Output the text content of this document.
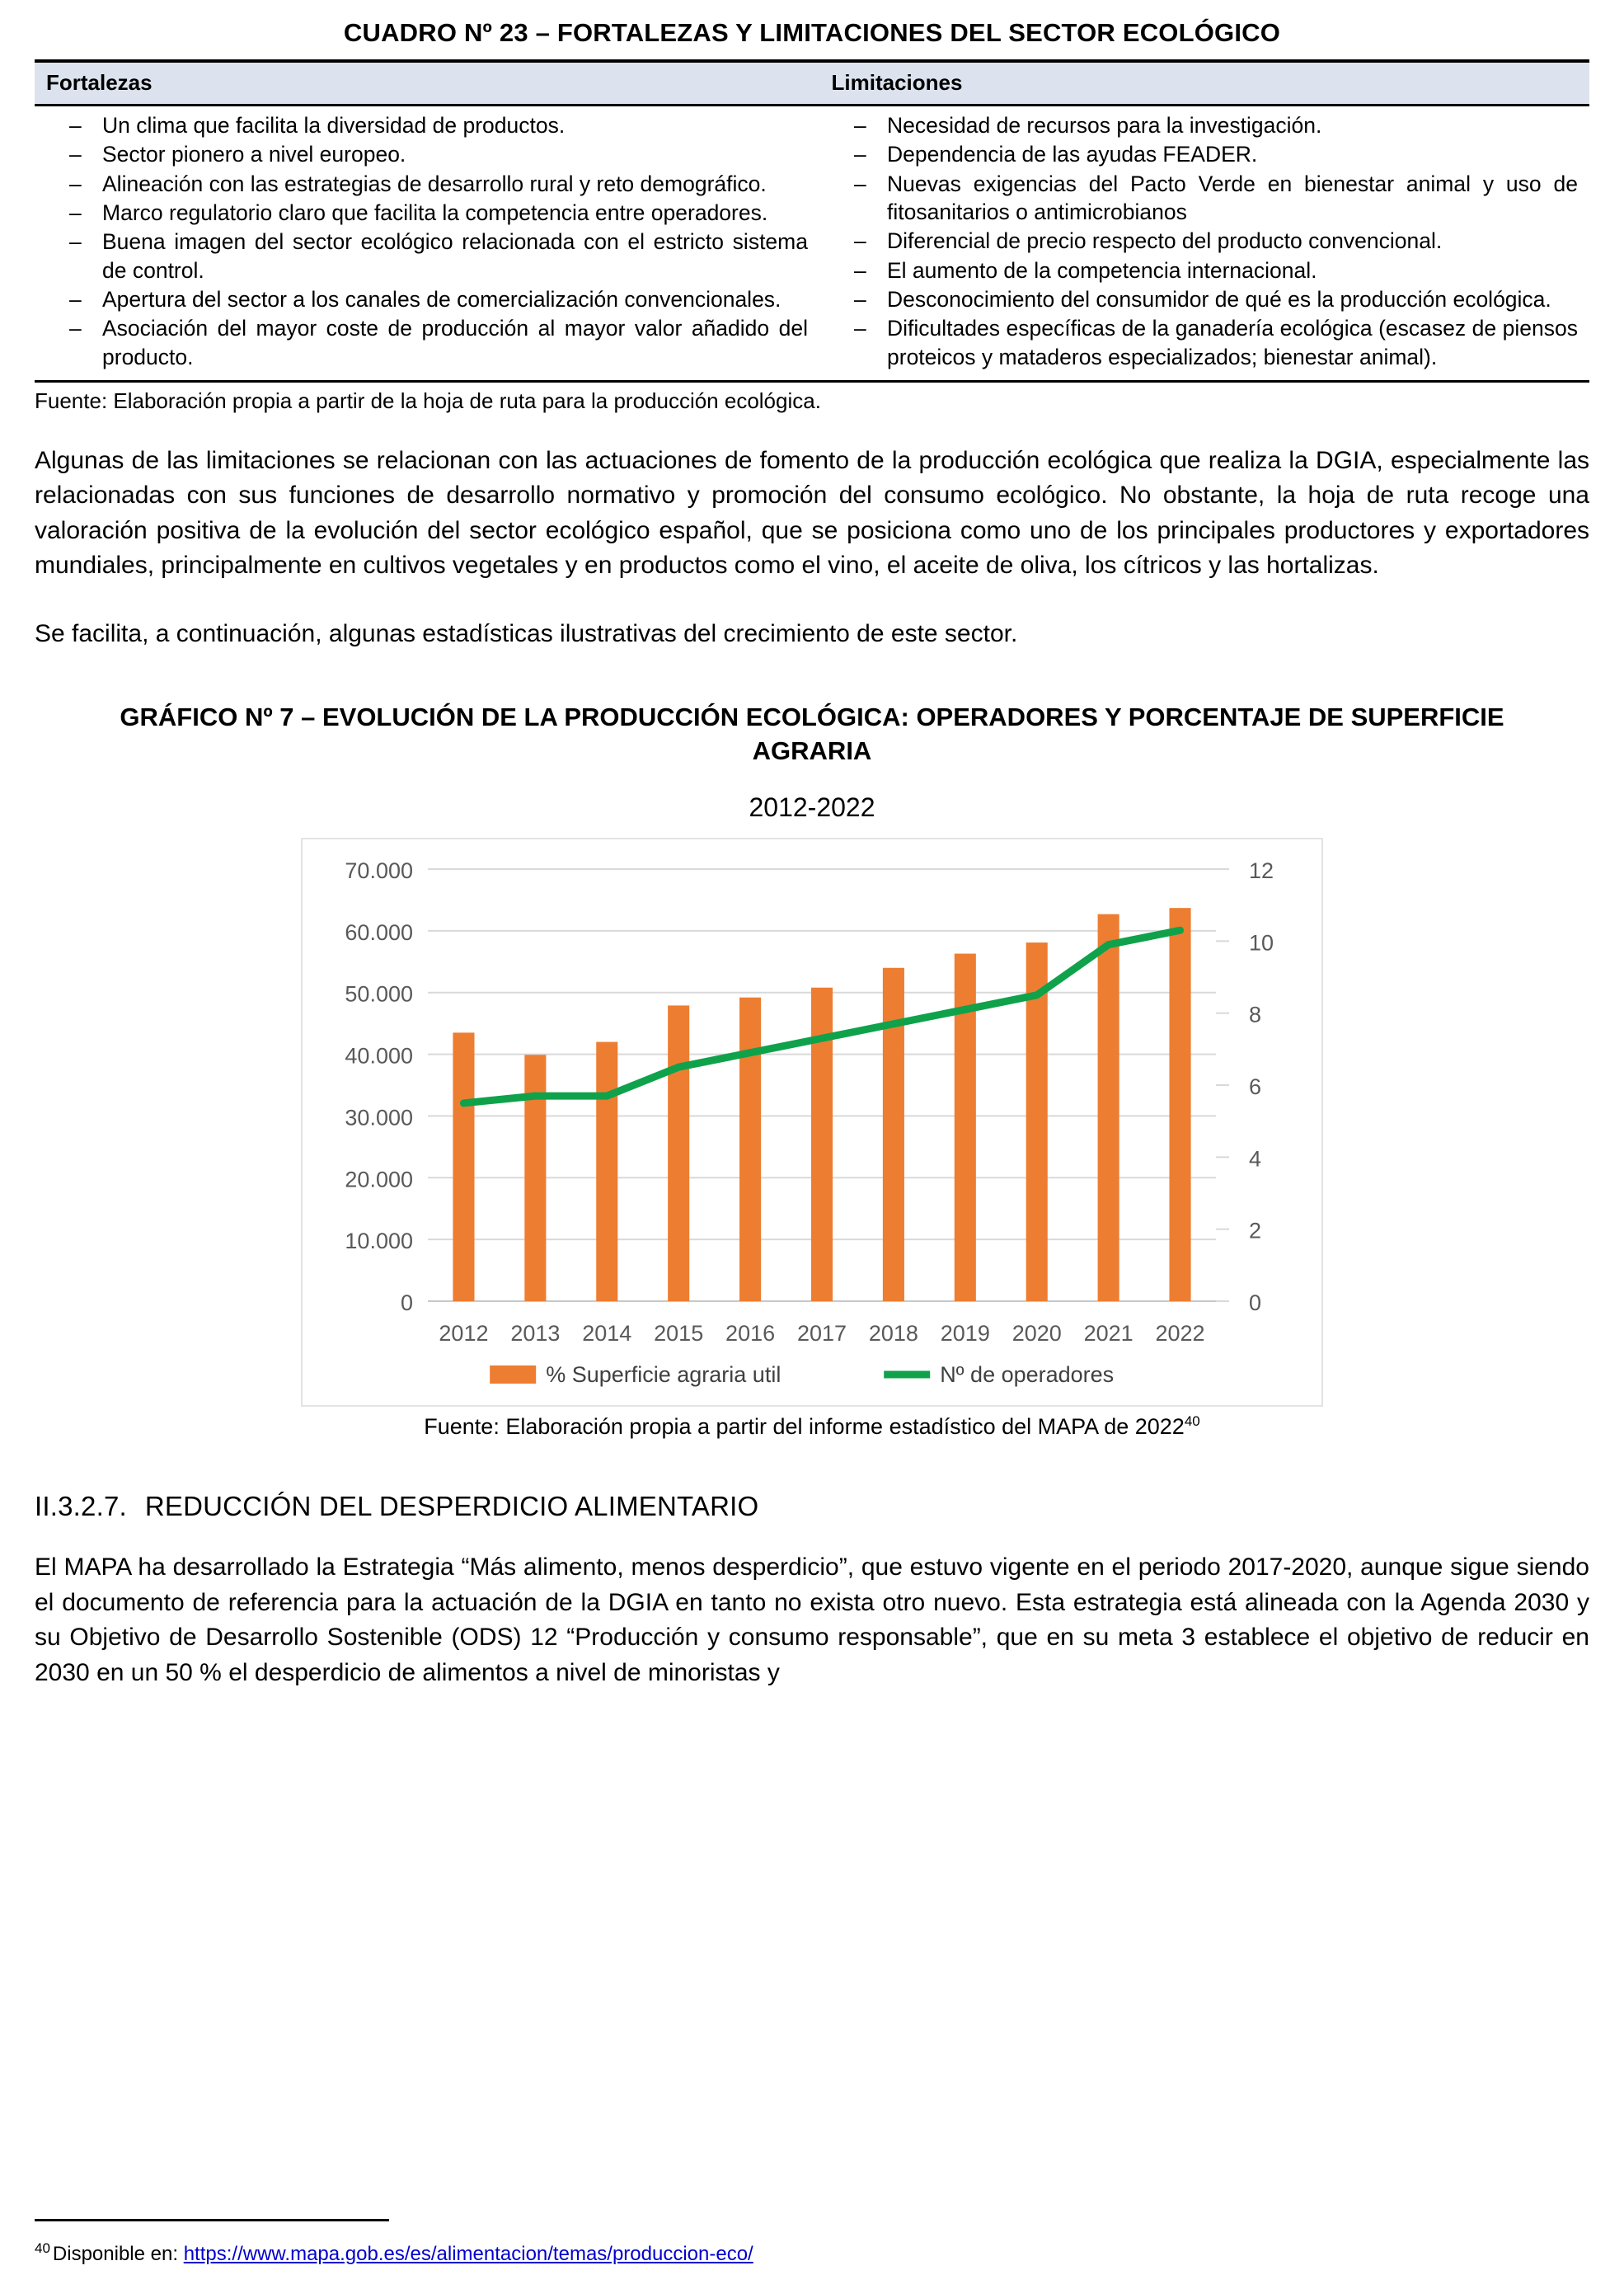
CUADRO Nº 23 – FORTALEZAS Y LIMITACIONES DEL SECTOR ECOLÓGICO
Fortalezas	Limitaciones

– Un clima que facilita la diversidad de productos.
– Sector pionero a nivel europeo.
– Alineación con las estrategias de desarrollo rural y reto demográfico.
– Marco regulatorio claro que facilita la competencia entre operadores.
– Buena imagen del sector ecológico relacionada con el estricto sistema de control.
– Apertura del sector a los canales de comercialización convencionales.
– Asociación del mayor coste de producción al mayor valor añadido del producto.

– Necesidad de recursos para la investigación.
– Dependencia de las ayudas FEADER.
– Nuevas exigencias del Pacto Verde en bienestar animal y uso de fitosanitarios o antimicrobianos
– Diferencial de precio respecto del producto convencional.
– El aumento de la competencia internacional.
– Desconocimiento del consumidor de qué es la producción ecológica.
– Dificultades específicas de la ganadería ecológica (escasez de piensos proteicos y mataderos especializados; bienestar animal).
Fuente: Elaboración propia a partir de la hoja de ruta para la producción ecológica.

Algunas de las limitaciones se relacionan con las actuaciones de fomento de la producción ecológica que realiza la DGIA, especialmente las relacionadas con sus funciones de desarrollo normativo y promoción del consumo ecológico. No obstante, la hoja de ruta recoge una valoración positiva de la evolución del sector ecológico español, que se posiciona como uno de los principales productores y exportadores mundiales, principalmente en cultivos vegetales y en productos como el vino, el aceite de oliva, los cítricos y las hortalizas.

Se facilita, a continuación, algunas estadísticas ilustrativas del crecimiento de este sector.

GRÁFICO Nº 7 – EVOLUCIÓN DE LA PRODUCCIÓN ECOLÓGICA: OPERADORES Y PORCENTAJE DE SUPERFICIE AGRARIA
2012-2022
0
10.000
20.000
30.000
40.000
50.000
60.000
70.000
0
2
4
6
8
10
12
2012 2013 2014 2015 2016 2017 2018 2019 2020 2021 2022
% Superficie agraria util	Nº de operadores
Fuente: Elaboración propia a partir del informe estadístico del MAPA de 2022$^{40}$
II.3.2.7. REDUCCIÓN DEL DESPERDICIO ALIMENTARIO

El MAPA ha desarrollado la Estrategia “Más alimento, menos desperdicio”, que estuvo vigente en el periodo 2017-2020, aunque sigue siendo el documento de referencia para la actuación de la DGIA en tanto no exista otro nuevo. Esta estrategia está alineada con la Agenda 2030 y su Objetivo de Desarrollo Sostenible (ODS) 12 “Producción y consumo responsable”, que en su meta 3 establece el objetivo de reducir en 2030 en un 50 % el desperdicio de alimentos a nivel de minoristas y

$^{40}$ Disponible en: https://www.mapa.gob.es/es/alimentacion/temas/produccion-eco/
